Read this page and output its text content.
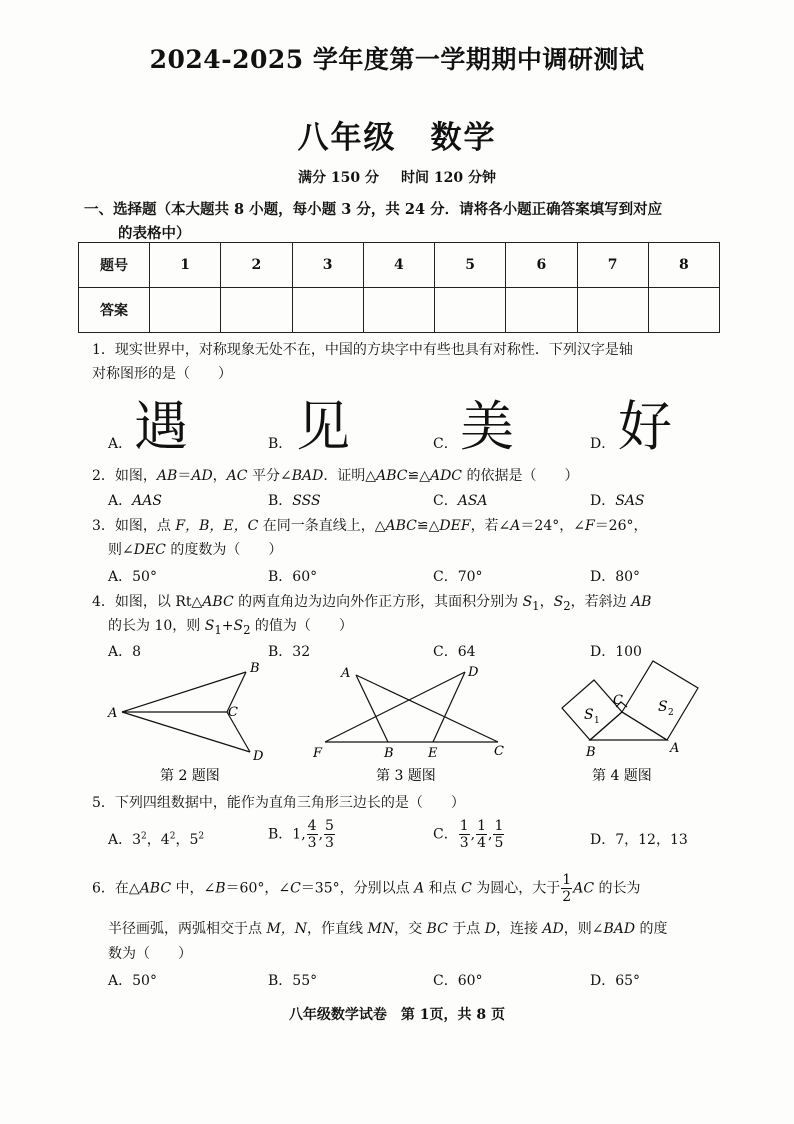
2024-2025 学年度第一学期期中调研测试
八年级 数学
满分 150 分 时间 120 分钟
一、选择题（本大题共 8 小题，每小题 3 分，共 24 分．请将各小题正确答案填写到对应
的表格中）
题号	1	2	3	4	5	6	7	8
答案								
1．现实世界中，对称现象无处不在，中国的方块字中有些也具有对称性．下列汉字是轴
对称图形的是（　　）
A． 遇	B． 见	C． 美	D． 好
2．如图，AB＝AD，AC 平分∠BAD．证明△ABC≌△ADC 的依据是（　　）
A．AAS	B．SSS	C．ASA	D．SAS
3．如图，点 F，B，E，C 在同一条直线上，△ABC≌△DEF，若∠A＝24°，∠F＝26°，
则∠DEC 的度数为（　　）
A．50°	B．60°	C．70°	D．80°
4．如图，以 Rt△ABC 的两直角边为边向外作正方形，其面积分别为 $S_1$，$S_2$，若斜边 AB
的长为 10，则 $S_1+S_2$ 的值为（　　）
A．8	B．32	C．64	D．100
A
B
C
D
第 2 题图
A	D
F	B	E	C
第 3 题图
C
B	A
S 1
S 2
第 4 题图
5．下列四组数据中，能作为直角三角形三边长的是（　　）
A．$3^2$，$4^2$，$5^2$	B．1, $\frac{4}{3}$ , $\frac{5}{3}$	C． $\frac{1}{3}$ , $\frac{1}{4}$ , $\frac{1}{5}$	D．7，12，13
6．在△ABC 中，∠B＝60°，∠C＝35°，分别以点 A 和点 C 为圆心，大于 $\frac{1}{2}$ AC 的长为
半径画弧，两弧相交于点 M，N，作直线 MN，交 BC 于点 D，连接 AD，则∠BAD 的度
数为（　　）
A．50°	B．55°	C．60°	D．65°
八年级数学试卷　第 1页，共 8 页
